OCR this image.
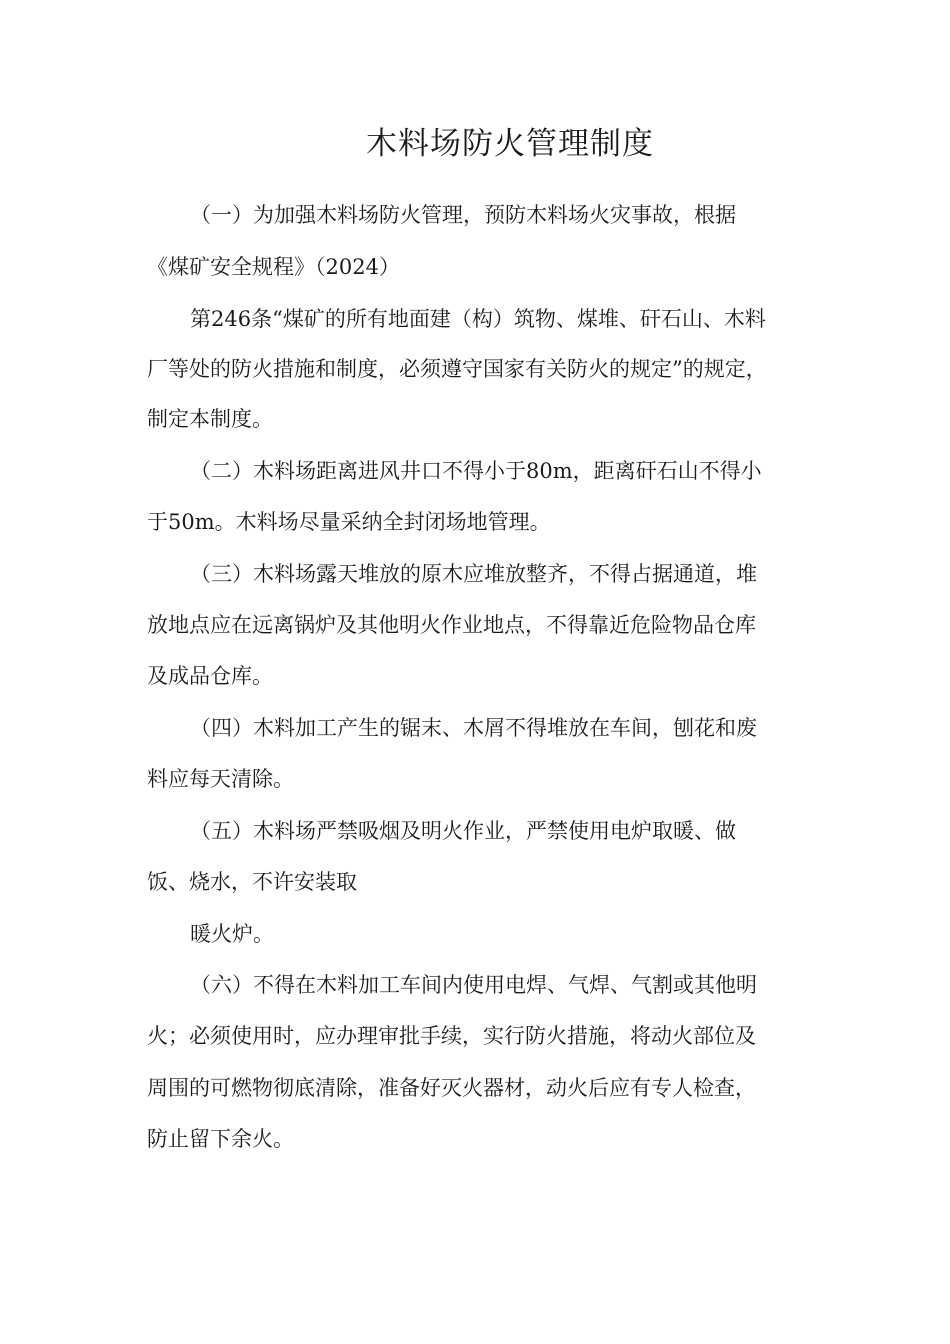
木料场防火管理制度
（一）为加强木料场防火管理，预防木料场火灾事故，根据
《煤矿安全规程》（2024）
第246条“煤矿的所有地面建（构）筑物、煤堆、矸石山、木料
厂等处的防火措施和制度，必须遵守国家有关防火的规定”的规定，
制定本制度。
（二）木料场距离进风井口不得小于80m，距离矸石山不得小
于50m。木料场尽量采纳全封闭场地管理。
（三）木料场露天堆放的原木应堆放整齐，不得占据通道，堆
放地点应在远离锅炉及其他明火作业地点，不得靠近危险物品仓库
及成品仓库。
（四）木料加工产生的锯末、木屑不得堆放在车间，刨花和废
料应每天清除。
（五）木料场严禁吸烟及明火作业，严禁使用电炉取暖、做
饭、烧水，不许安装取
暖火炉。
（六）不得在木料加工车间内使用电焊、气焊、气割或其他明
火；必须使用时，应办理审批手续，实行防火措施，将动火部位及
周围的可燃物彻底清除，准备好灭火器材，动火后应有专人检查，
防止留下余火。
